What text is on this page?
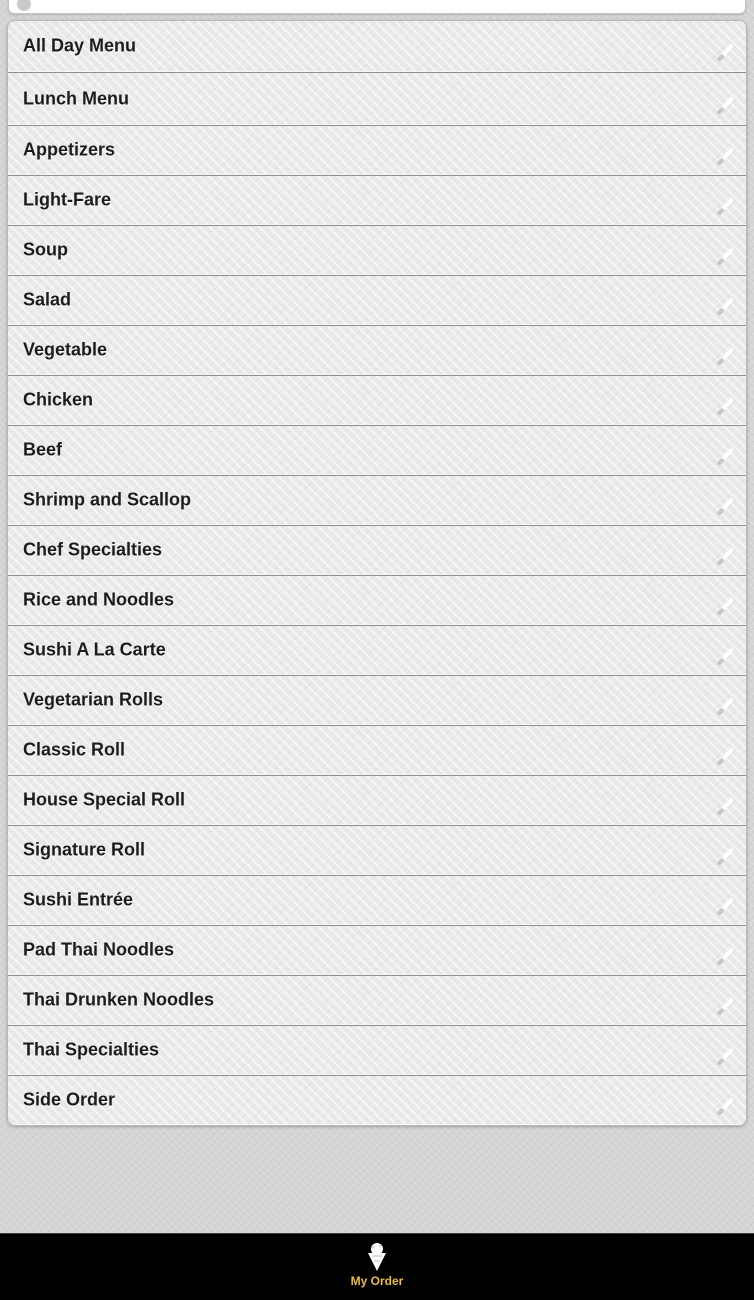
All Day Menu
Lunch Menu
Appetizers
Light-Fare
Soup
Salad
Vegetable
Chicken
Beef
Shrimp and Scallop
Chef Specialties
Rice and Noodles
Sushi A La Carte
Vegetarian Rolls
Classic Roll
House Special Roll
Signature Roll
Sushi Entrée
Pad Thai Noodles
Thai Drunken Noodles
Thai Specialties
Side Order
My Order
